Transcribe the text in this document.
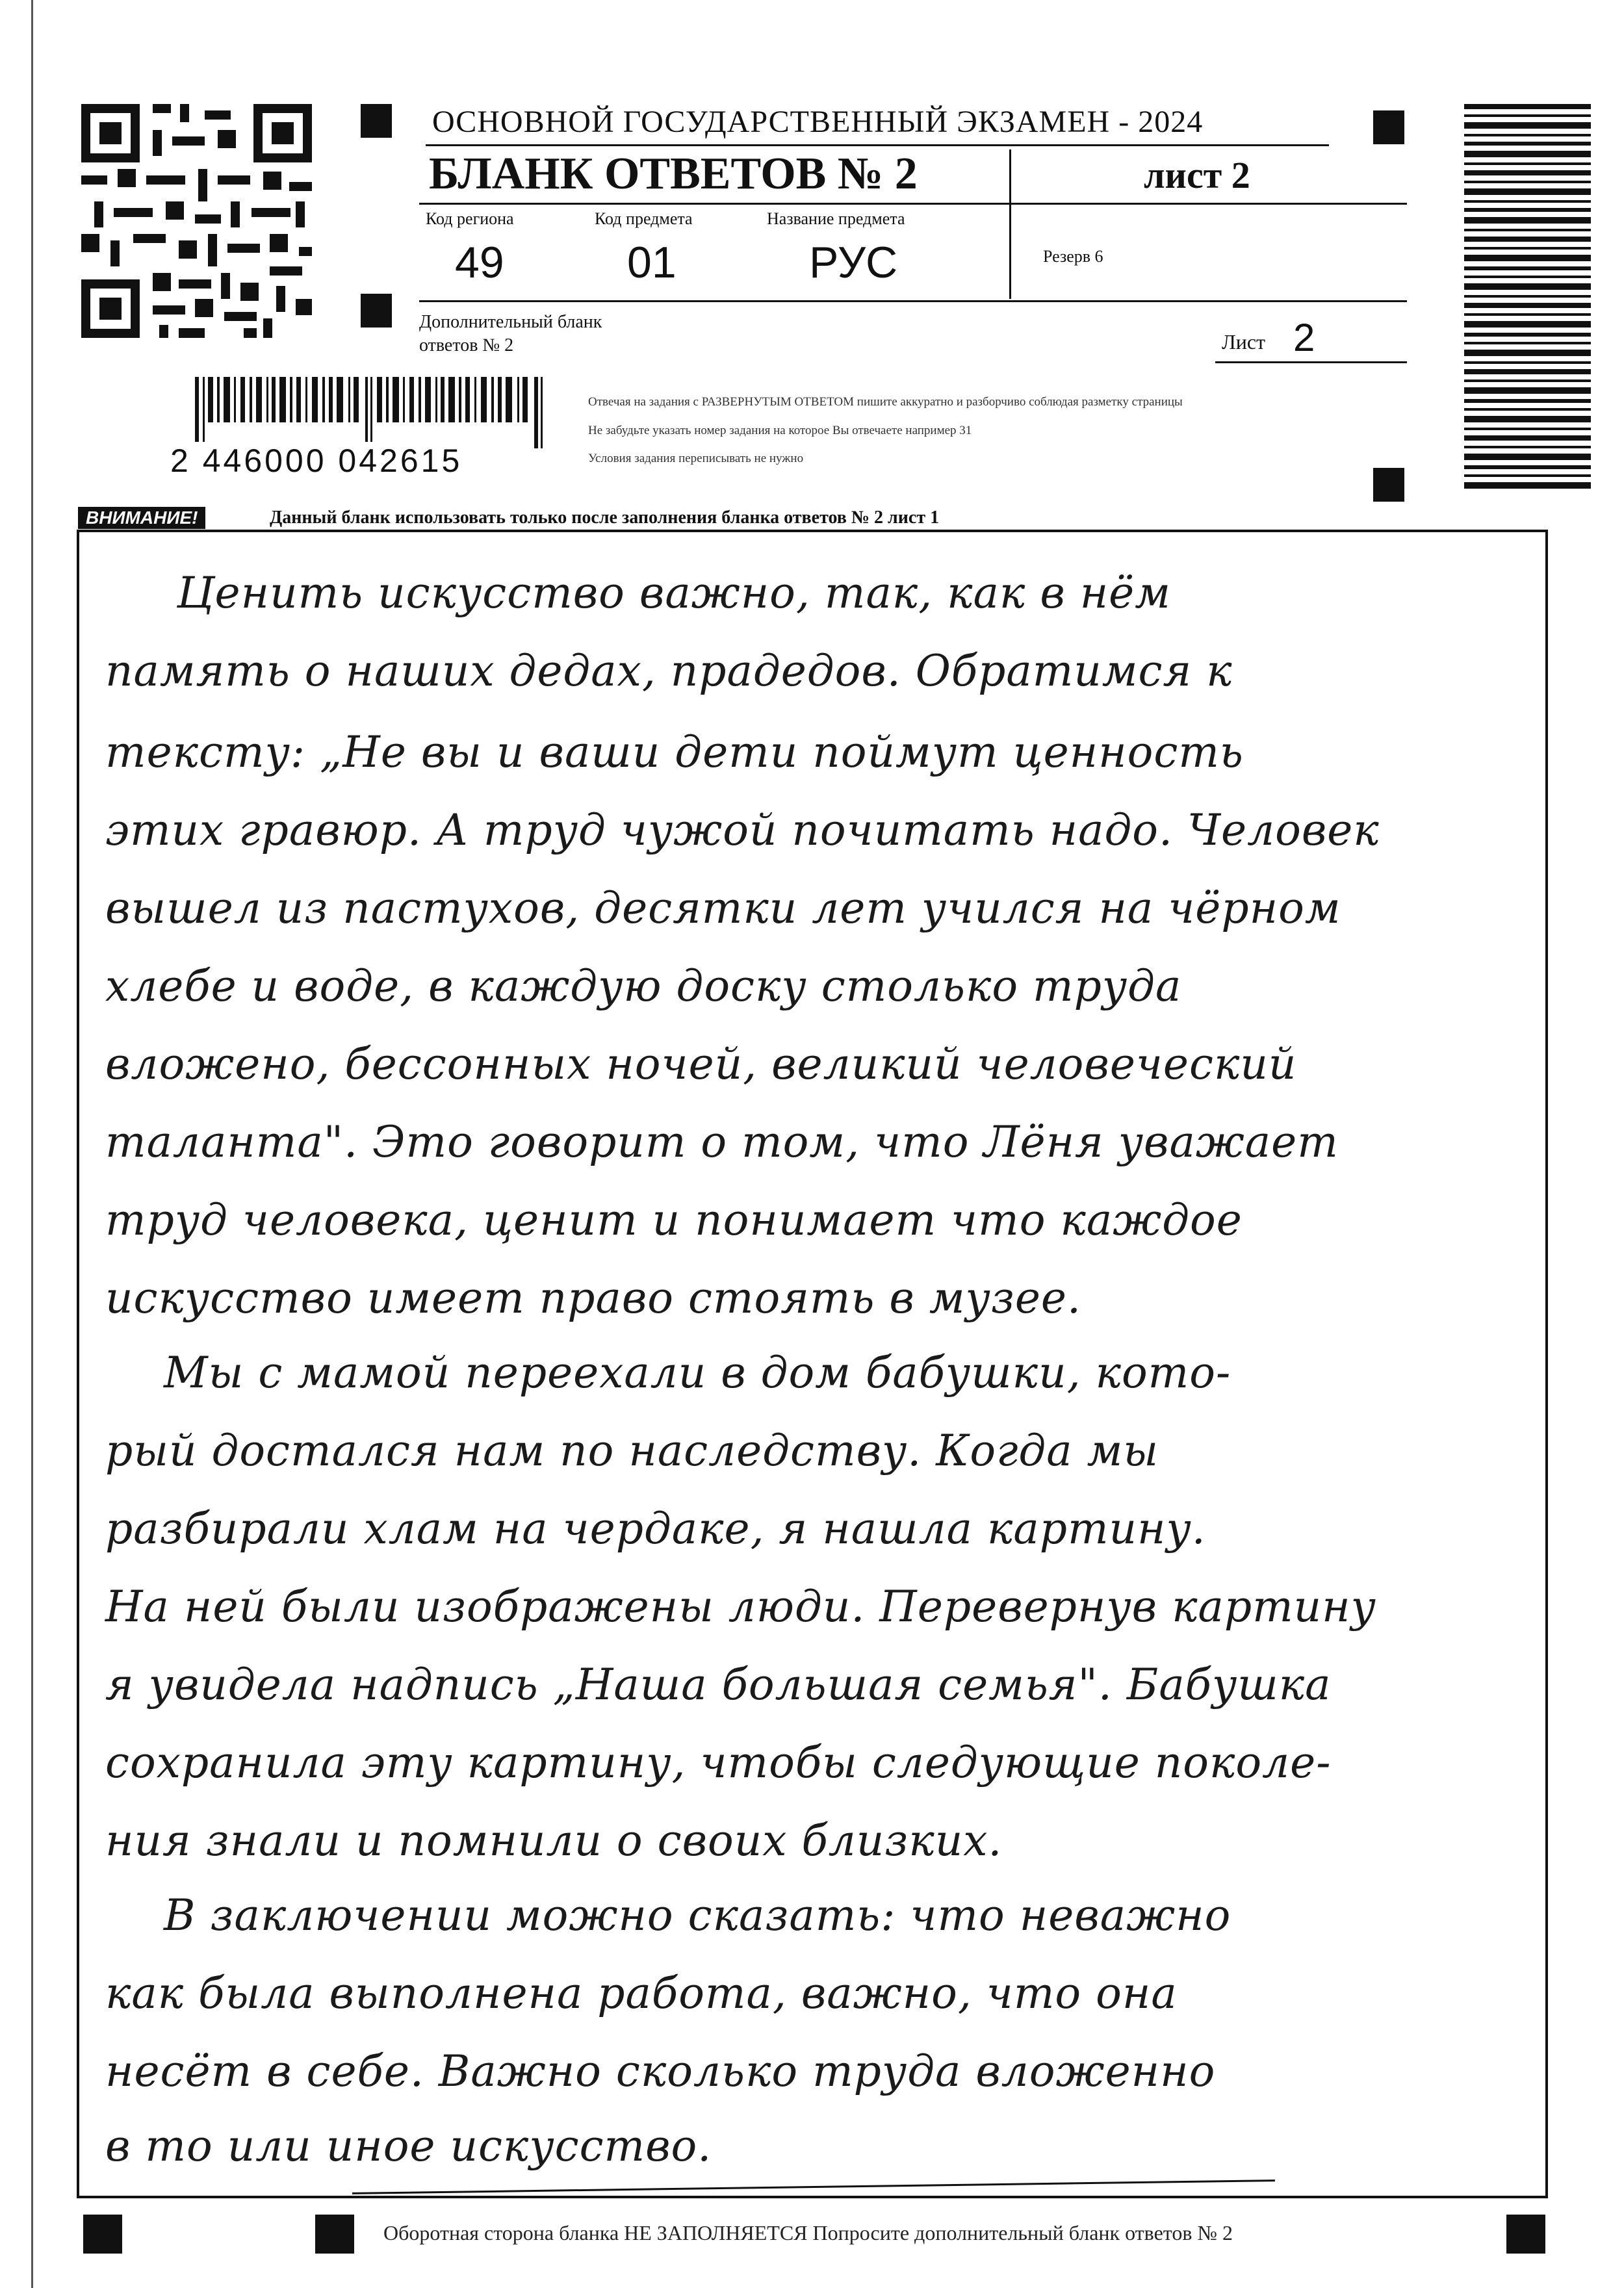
ОСНОВНОЙ ГОСУДАРСТВЕННЫЙ ЭКЗАМЕН - 2024
БЛАНК ОТВЕТОВ № 2	лист 2
Код региона	Код предмета	Название предмета
49	01	РУС	Резерв 6
Дополнительный бланк ответов № 2	Лист 2
2 446000 042615
Отвечая на задания с РАЗВЕРНУТЫМ ОТВЕТОМ пишите аккуратно и разборчиво соблюдая разметку страницы
Не забудьте указать номер задания на которое Вы отвечаете например 31
Условия задания переписывать не нужно
ВНИМАНИЕ!	Данный бланк использовать только после заполнения бланка ответов № 2 лист 1
Ценить искусство важно, так, как в нём
память о наших дедах, прадедов. Обратимся к
тексту: „Не вы и ваши дети поймут ценность
этих гравюр. А труд чужой почитать надо. Человек
вышел из пастухов, десятки лет учился на чёрном
хлебе и воде, в каждую доску столько труда
вложено, бессонных ночей, великий человеческий
таланта". Это говорит о том, что Лёня уважает
труд человека, ценит и понимает что каждое
искусство имеет право стоять в музее.
Мы с мамой переехали в дом бабушки, кото-
рый достался нам по наследству. Когда мы
разбирали хлам на чердаке, я нашла картину.
На ней были изображены люди. Перевернув картину
я увидела надпись „Наша большая семья". Бабушка
сохранила эту картину, чтобы следующие поколе-
ния знали и помнили о своих близких.
В заключении можно сказать: что неважно
как была выполнена работа, важно, что она
несёт в себе. Важно сколько труда вложенно
в то или иное искусство.
Оборотная сторона бланка НЕ ЗАПОЛНЯЕТСЯ Попросите дополнительный бланк ответов № 2
